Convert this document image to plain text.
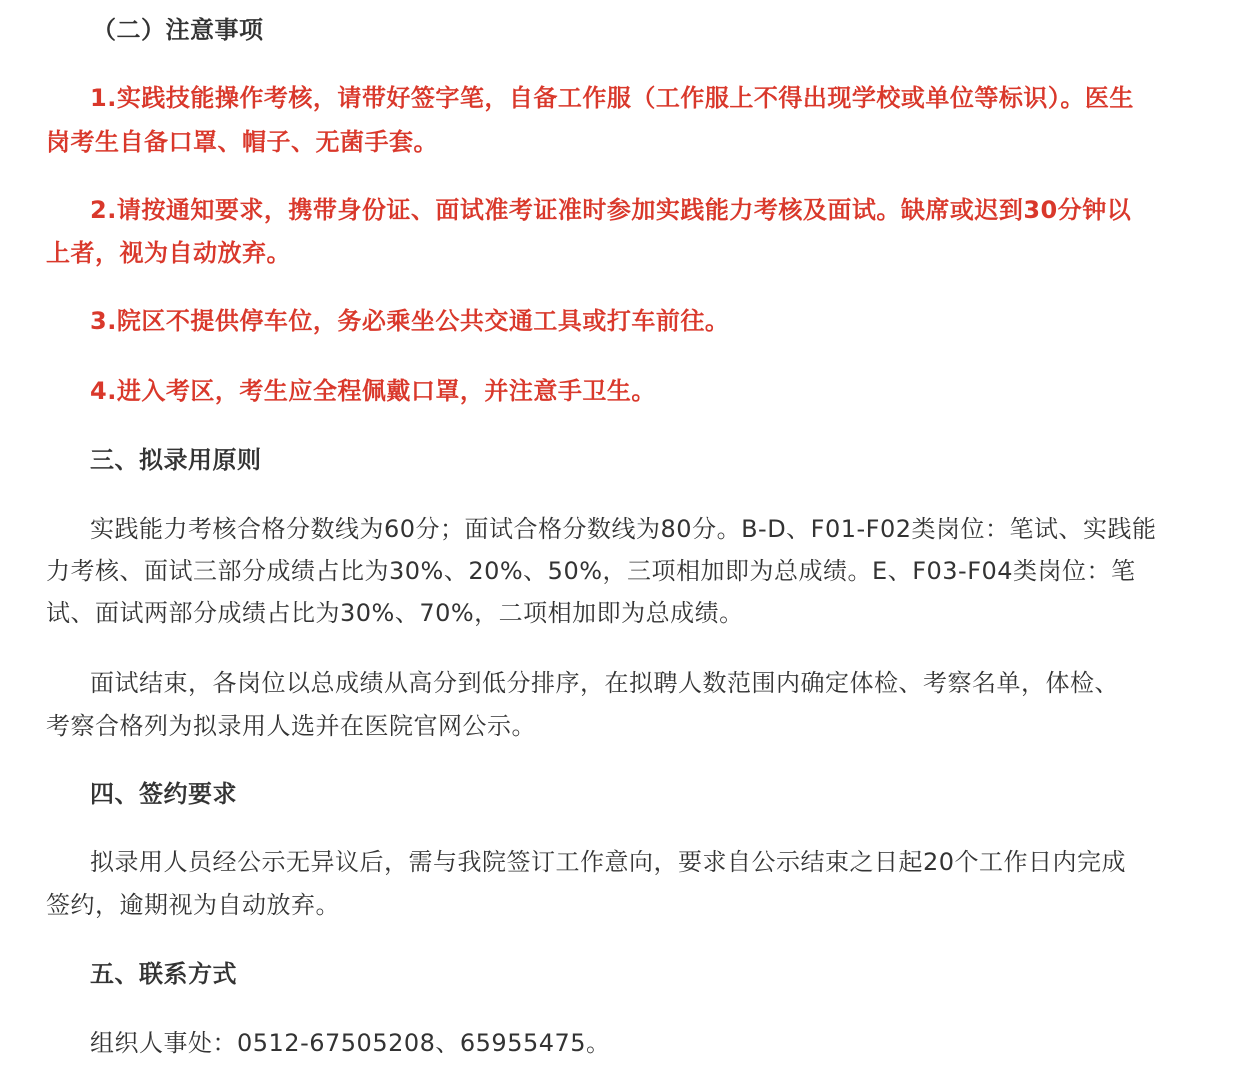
（二）注意事项
1.实践技能操作考核，请带好签字笔，自备工作服（工作服上不得出现学校或单位等标识）。医生
岗考生自备口罩、帽子、无菌手套。
2.请按通知要求，携带身份证、面试准考证准时参加实践能力考核及面试。缺席或迟到30分钟以
上者，视为自动放弃。
3.院区不提供停车位，务必乘坐公共交通工具或打车前往。
4.进入考区，考生应全程佩戴口罩，并注意手卫生。
三、拟录用原则
实践能力考核合格分数线为60分；面试合格分数线为80分。B-D、F01-F02类岗位：笔试、实践能
力考核、面试三部分成绩占比为30%、20%、50%，三项相加即为总成绩。E、F03-F04类岗位：笔
试、面试两部分成绩占比为30%、70%，二项相加即为总成绩。
面试结束，各岗位以总成绩从高分到低分排序，在拟聘人数范围内确定体检、考察名单，体检、
考察合格列为拟录用人选并在医院官网公示。
四、签约要求
拟录用人员经公示无异议后，需与我院签订工作意向，要求自公示结束之日起20个工作日内完成
签约，逾期视为自动放弃。
五、联系方式
组织人事处：0512-67505208、65955475。
